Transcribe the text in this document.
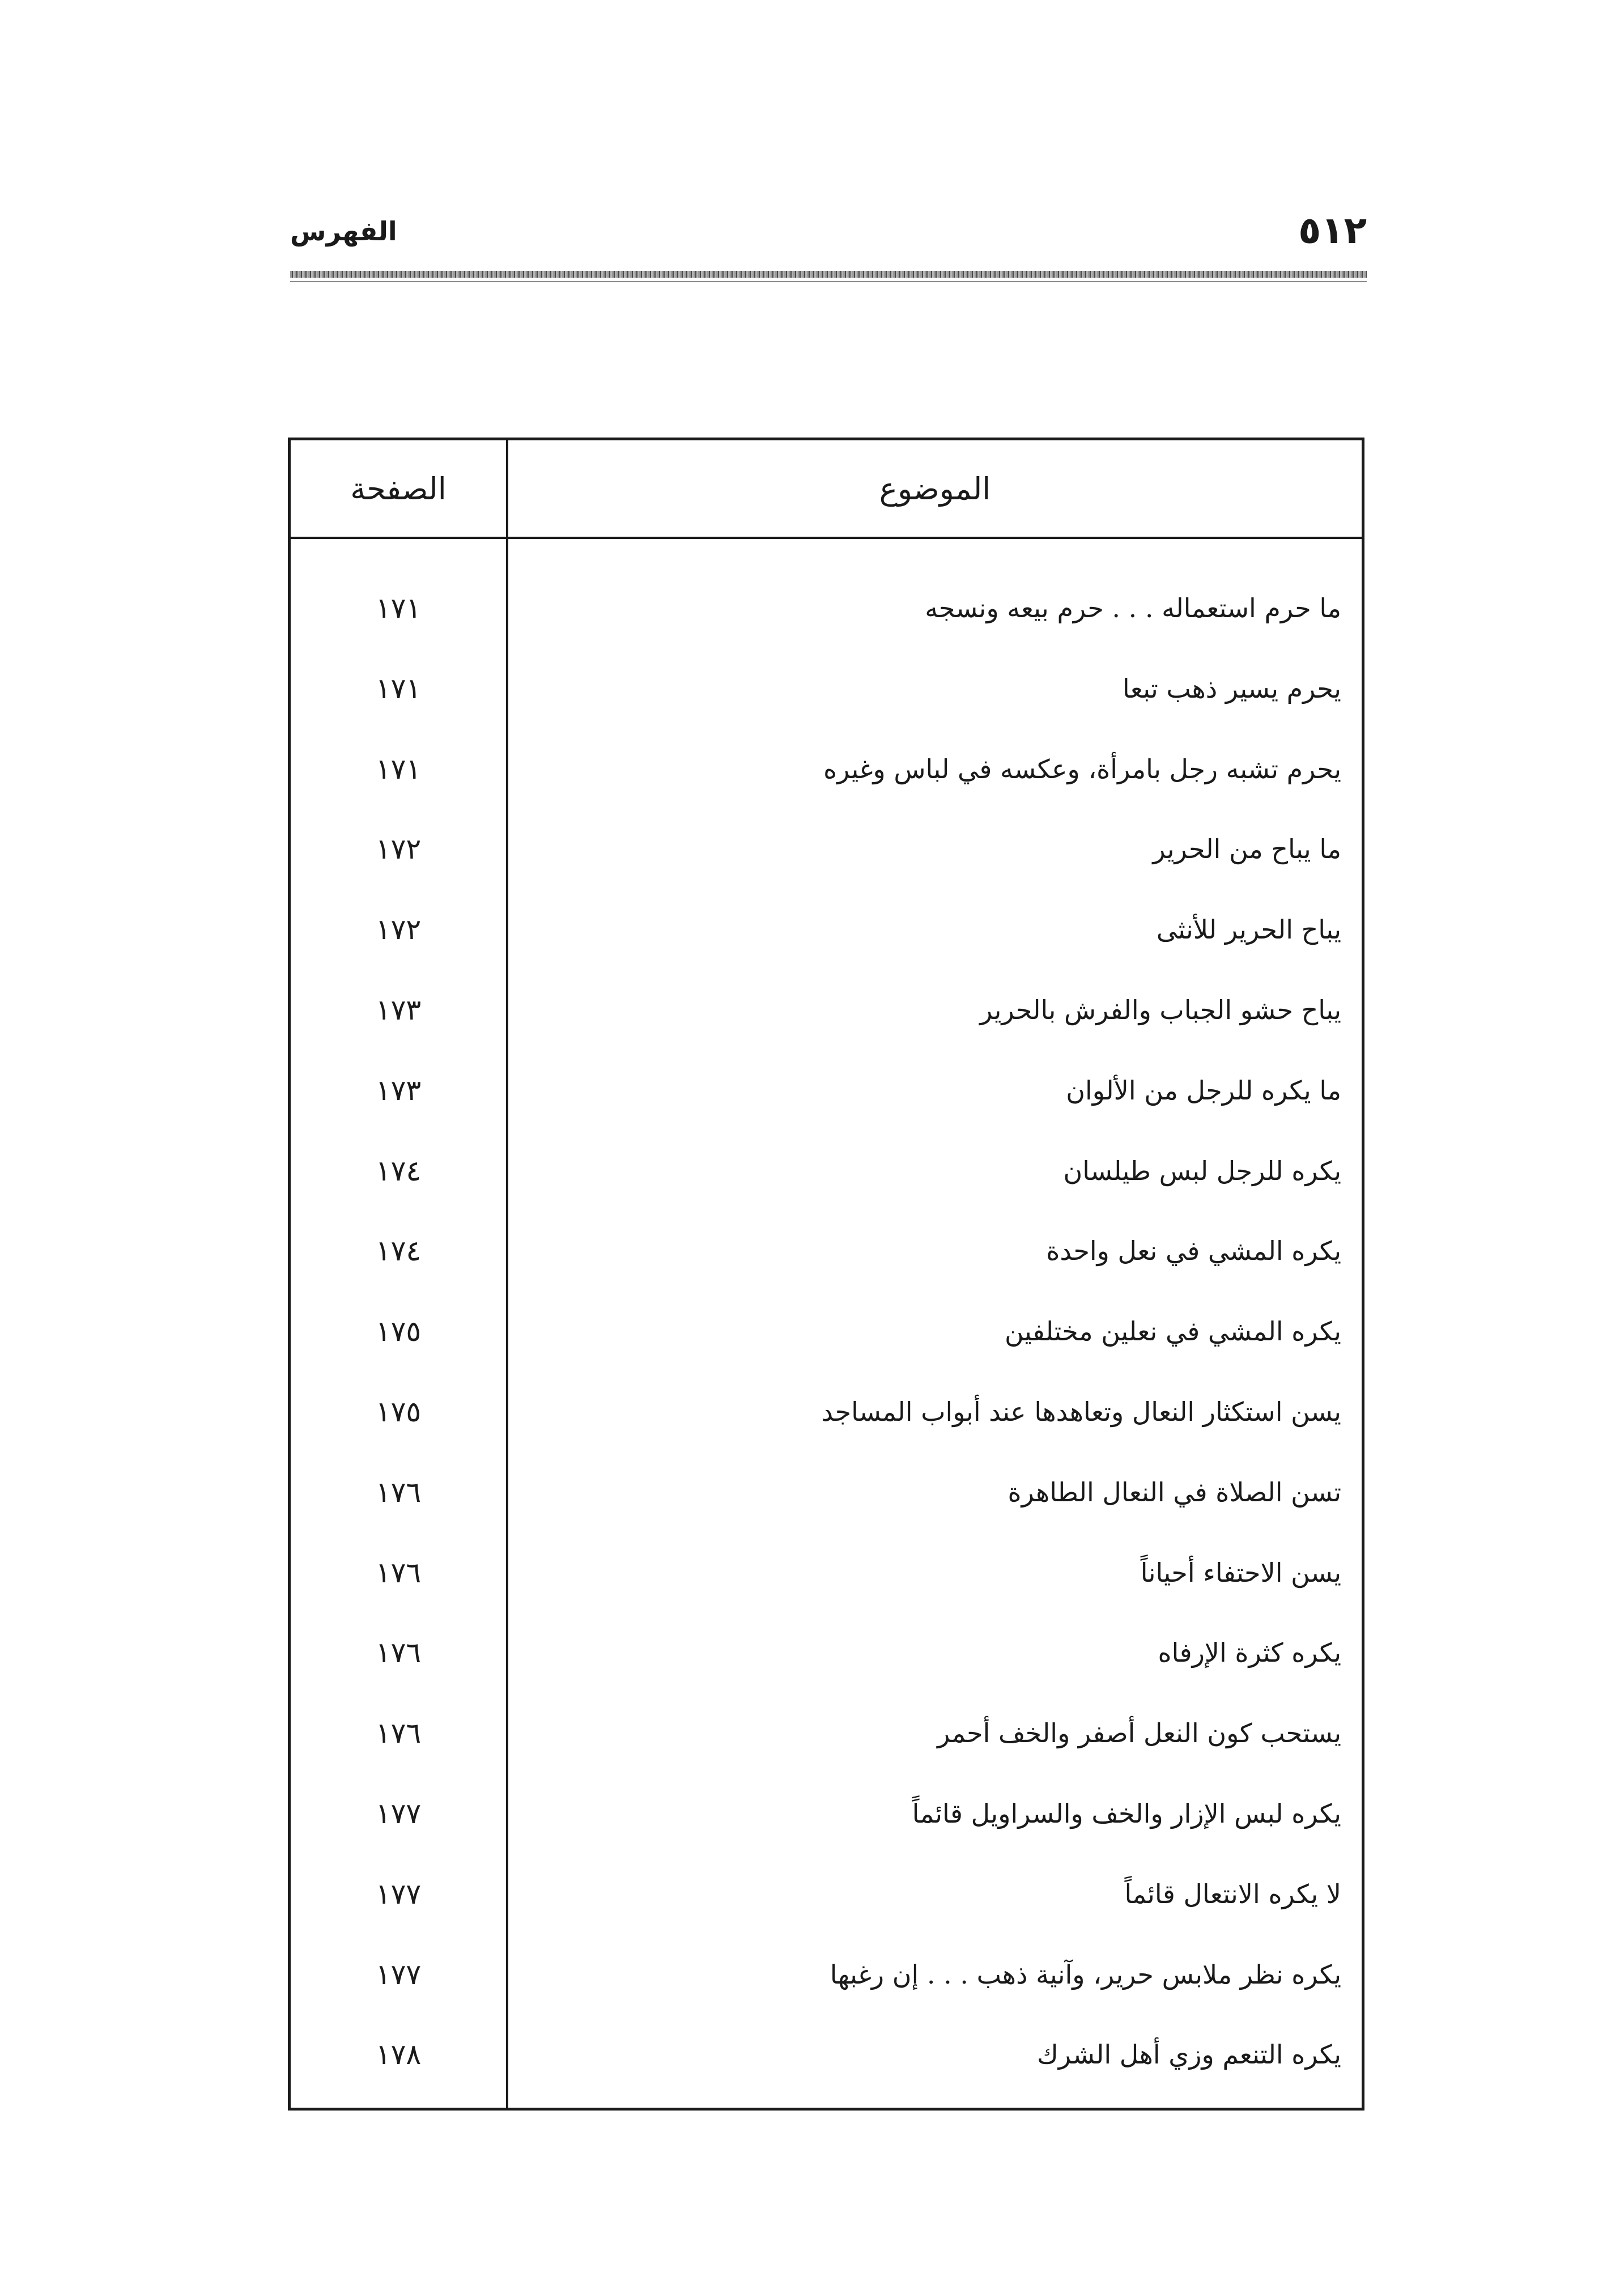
٥١٢
الفهرس
الموضوع
الصفحة
ما حرم استعماله . . . حرم بيعه ونسجه
١٧١
يحرم يسير ذهب تبعا
١٧١
يحرم تشبه رجل بامرأة، وعكسه في لباس وغيره
١٧١
ما يباح من الحرير
١٧٢
يباح الحرير للأنثى
١٧٢
يباح حشو الجباب والفرش بالحرير
١٧٣
ما يكره للرجل من الألوان
١٧٣
يكره للرجل لبس طيلسان
١٧٤
يكره المشي في نعل واحدة
١٧٤
يكره المشي في نعلين مختلفين
١٧٥
يسن استكثار النعال وتعاهدها عند أبواب المساجد
١٧٥
تسن الصلاة في النعال الطاهرة
١٧٦
يسن الاحتفاء أحياناً
١٧٦
يكره كثرة الإرفاه
١٧٦
يستحب كون النعل أصفر والخف أحمر
١٧٦
يكره لبس الإزار والخف والسراويل قائماً
١٧٧
لا يكره الانتعال قائماً
١٧٧
يكره نظر ملابس حرير، وآنية ذهب . . . إن رغبها
١٧٧
يكره التنعم وزي أهل الشرك
١٧٨
